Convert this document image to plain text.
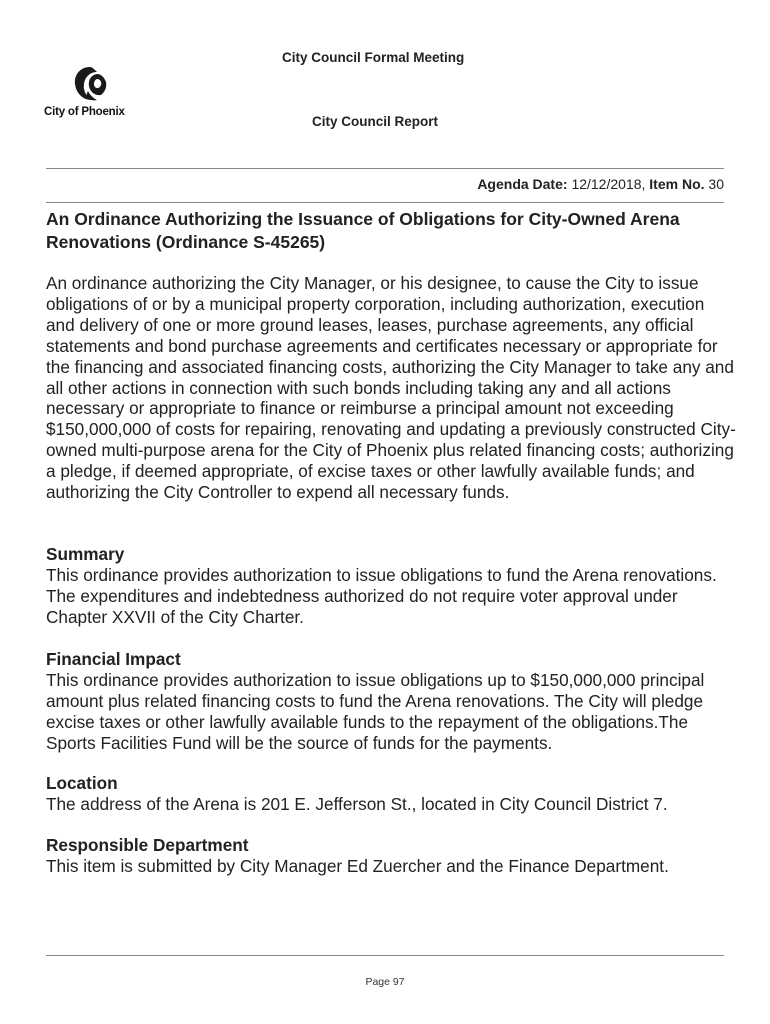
City Council Formal Meeting
City of Phoenix
City Council Report
Agenda Date: 12/12/2018, Item No. 30
An Ordinance Authorizing the Issuance of Obligations for City-Owned Arena Renovations (Ordinance S-45265)
An ordinance authorizing the City Manager, or his designee, to cause the City to issue obligations of or by a municipal property corporation, including authorization, execution and delivery of one or more ground leases, leases, purchase agreements, any official statements and bond purchase agreements and certificates necessary or appropriate for the financing and associated financing costs, authorizing the City Manager to take any and all other actions in connection with such bonds including taking any and all actions necessary or appropriate to finance or reimburse a principal amount not exceeding $150,000,000 of costs for repairing, renovating and updating a previously constructed City-owned multi-purpose arena for the City of Phoenix plus related financing costs; authorizing a pledge, if deemed appropriate, of excise taxes or other lawfully available funds; and authorizing the City Controller to expend all necessary funds.
Summary
This ordinance provides authorization to issue obligations to fund the Arena renovations. The expenditures and indebtedness authorized do not require voter approval under Chapter XXVII of the City Charter.
Financial Impact
This ordinance provides authorization to issue obligations up to $150,000,000 principal amount plus related financing costs to fund the Arena renovations. The City will pledge excise taxes or other lawfully available funds to the repayment of the obligations.The Sports Facilities Fund will be the source of funds for the payments.
Location
The address of the Arena is 201 E. Jefferson St., located in City Council District 7.
Responsible Department
This item is submitted by City Manager Ed Zuercher and the Finance Department.
Page 97
